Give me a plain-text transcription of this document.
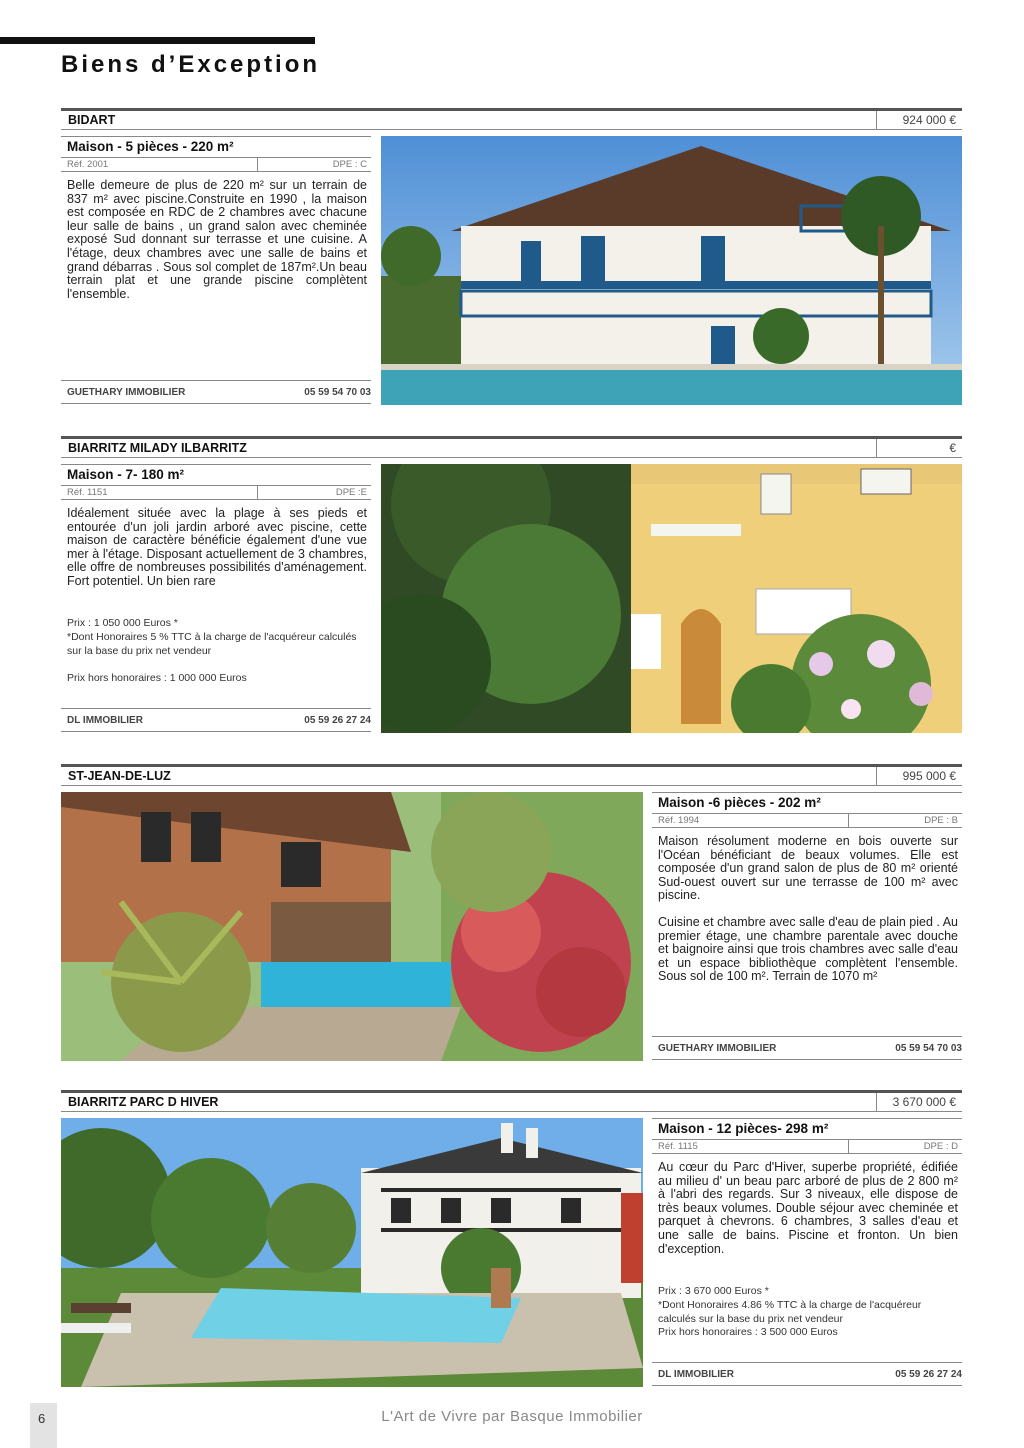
Biens d’Exception
BIDART	924 000 €
Maison - 5 pièces - 220 m²
Réf. 2001	DPE : C

Belle demeure de plus de 220 m² sur un terrain de 837 m² avec piscine.Construite en 1990 , la maison est composée en RDC de 2 chambres avec chacune leur salle de bains , un grand salon avec cheminée exposé Sud donnant sur terrasse et une cuisine. A l'étage, deux chambres avec une salle de bains et grand débarras . Sous sol complet de 187m².Un beau terrain plat et une grande piscine complètent l'ensemble.

GUETHARY IMMOBILIER	05 59 54 70 03
BIARRITZ MILADY ILBARRITZ	€
Maison - 7- 180 m²
Réf. 1151	DPE :E

Idéalement située avec la plage à ses pieds et entourée d'un joli jardin arboré avec piscine, cette maison de caractère bénéficie également d'une vue mer à l'étage. Disposant actuellement de 3 chambres, elle offre de nombreuses possibilités d'aménagement. Fort potentiel. Un bien rare

Prix : 1 050 000 Euros *
*Dont Honoraires 5 % TTC à la charge de l'acquéreur calculés sur la base du prix net vendeur
Prix hors honoraires : 1 000 000 Euros
DL IMMOBILIER	05 59 26 27 24
ST-JEAN-DE-LUZ	995 000 €
Maison -6 pièces - 202 m²
Réf. 1994	DPE : B

Maison résolument moderne en bois ouverte sur l'Océan bénéficiant de beaux volumes. Elle est composée d'un grand salon de plus de 80 m² orienté Sud-ouest ouvert sur une terrasse de 100 m² avec piscine.

Cuisine et chambre avec salle d'eau de plain pied . Au premier étage, une chambre parentale avec douche et baignoire ainsi que trois chambres avec salle d'eau et un espace bibliothèque complètent l'ensemble. Sous sol de 100 m². Terrain de 1070 m²

GUETHARY IMMOBILIER	05 59 54 70 03
BIARRITZ PARC D HIVER	3 670 000 €
Maison - 12 pièces- 298 m²
Réf. 1115	DPE : D

Au cœur du Parc d'Hiver, superbe propriété, édifiée au milieu d' un beau parc arboré de plus de 2 800 m² à l'abri des regards. Sur 3 niveaux, elle dispose de très beaux volumes. Double séjour avec cheminée et parquet à chevrons. 6 chambres, 3 salles d'eau et une salle de bains. Piscine et fronton. Un bien d'exception.

Prix : 3 670 000 Euros *
*Dont Honoraires 4.86 % TTC à la charge de l'acquéreur calculés sur la base du prix net vendeur
Prix hors honoraires : 3 500 000 Euros
DL IMMOBILIER	05 59 26 27 24
6	L'Art de Vivre par Basque Immobilier
